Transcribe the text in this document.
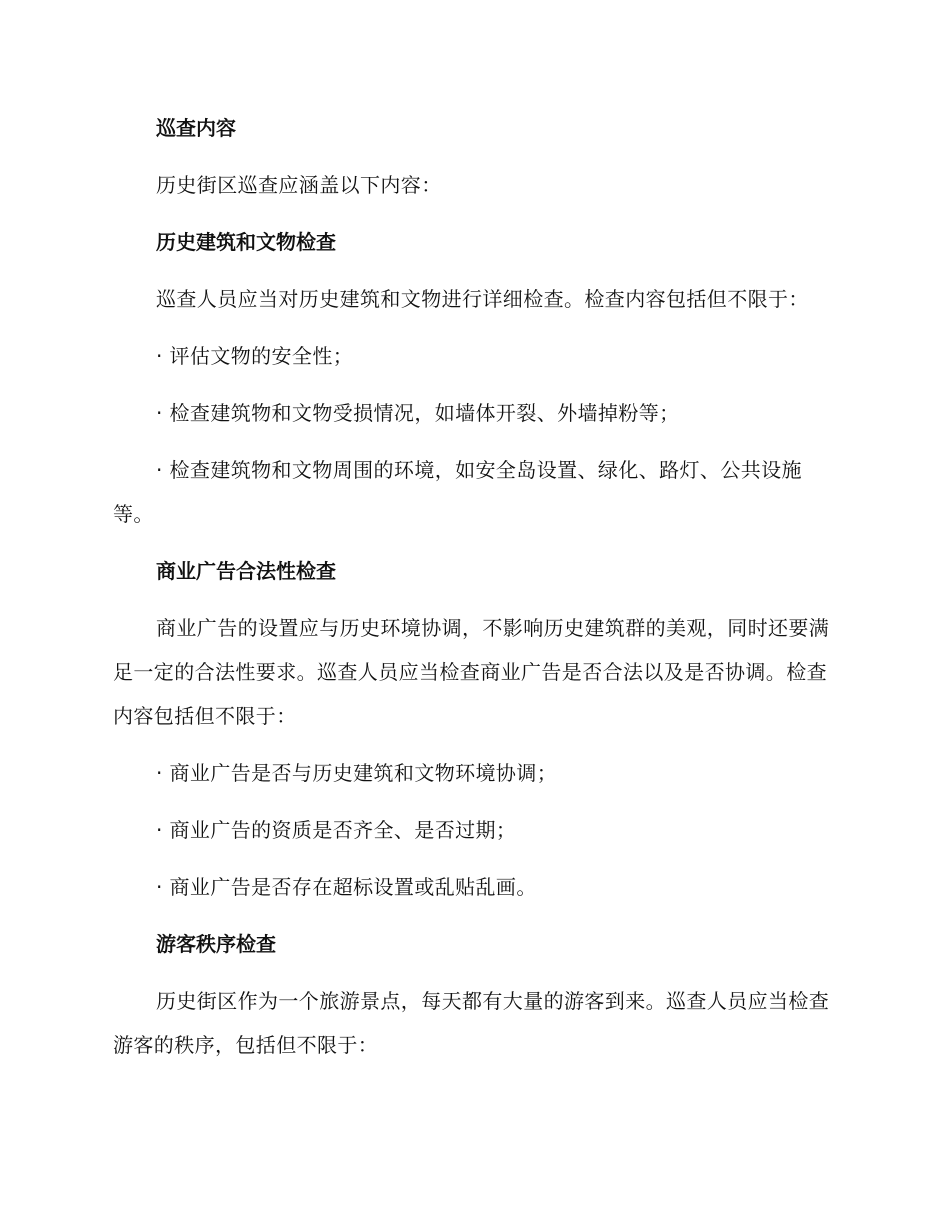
巡查内容
历史街区巡查应涵盖以下内容：
历史建筑和文物检查
巡查人员应当对历史建筑和文物进行详细检查。检查内容包括但不限于：
· 评估文物的安全性；
· 检查建筑物和文物受损情况，如墙体开裂、外墙掉粉等；
· 检查建筑物和文物周围的环境，如安全岛设置、绿化、路灯、公共设施等。
商业广告合法性检查
商业广告的设置应与历史环境协调，不影响历史建筑群的美观，同时还要满足一定的合法性要求。巡查人员应当检查商业广告是否合法以及是否协调。检查内容包括但不限于：
· 商业广告是否与历史建筑和文物环境协调；
· 商业广告的资质是否齐全、是否过期；
· 商业广告是否存在超标设置或乱贴乱画。
游客秩序检查
历史街区作为一个旅游景点，每天都有大量的游客到来。巡查人员应当检查游客的秩序，包括但不限于：
